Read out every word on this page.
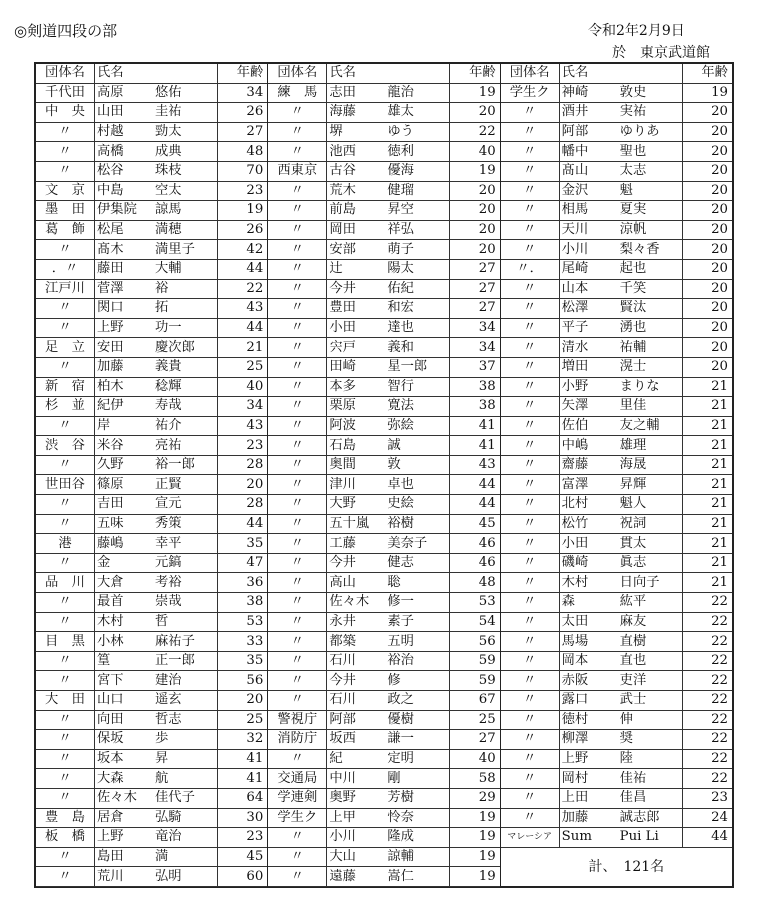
◎剣道四段の部	令和2年2月9日
於　東京武道館
団体名	氏名		年齢
千代田	高原	悠佑	34
中　央	山田	圭祐	26
〃	村越	勁太	27
〃	高橋	成典	48
〃	松谷	珠枝	70
文　京	中島	空太	23
墨　田	伊集院	諒馬	19
葛　飾	松尾	満穂	26
〃	髙木	満里子	42
．〃	藤田	大輔	44
江戸川	菅澤	裕	22
〃	関口	拓	43
〃	上野	功一	44
足　立	安田	慶次郎	21
〃	加藤	義貴	25
新　宿	柏木	稔輝	40
杉　並	紀伊	寿哉	34
〃	岸	祐介	43
渋　谷	米谷	亮祐	23
〃	久野	裕一郎	28
世田谷	篠原	正賢	20
〃	吉田	宣元	28
〃	五味	秀策	44
港	藤嶋	幸平	35
〃	金	元鎬	47
品　川	大倉	考裕	36
〃	最首	崇哉	38
〃	木村	哲	53
目　黒	小林	麻祐子	33
〃	篁	正一郎	35
〃	宮下	建治	56
大　田	山口	遥玄	20
〃	向田	哲志	25
〃	保坂	歩	32
〃	坂本	昇	41
〃	大森	航	41
〃	佐々木	佳代子	64
豊　島	居倉	弘騎	30
板　橋	上野	竜治	23
〃	島田	満	45
〃	荒川	弘明	60
団体名	氏名		年齢
練　馬	志田	龍治	19
〃	海藤	雄太	20
〃	堺	ゆう	22
〃	池西	徳利	40
西東京	古谷	優海	19
〃	荒木	健瑠	20
〃	前島	昇空	20
〃	岡田	祥弘	20
〃	安部	萌子	20
〃	辻	陽太	27
〃	今井	佑紀	27
〃	豊田	和宏	27
〃	小田	達也	34
〃	宍戸	義和	34
〃	田崎	星一郎	37
〃	本多	智行	38
〃	栗原	寛法	38
〃	阿波	弥絵	41
〃	石島	誠	41
〃	奥間	敦	43
〃	津川	卓也	44
〃	大野	史絵	44
〃	五十嵐	裕樹	45
〃	工藤	美奈子	46
〃	今井	健志	46
〃	高山	聡	48
〃	佐々木	修一	53
〃	永井	素子	54
〃	都築	五明	56
〃	石川	裕治	59
〃	今井	修	59
〃	石川	政之	67
警視庁	阿部	優樹	25
消防庁	坂西	謙一	27
〃	紀	定明	40
交通局	中川	剛	58
学連剣	奥野	芳樹	29
学生ク	上甲	怜奈	19
〃	小川	隆成	19
〃	大山	諒輔	19
〃	遠藤	嵩仁	19
団体名	氏名		年齢
学生ク	神崎	敦史	19
〃	酒井	実祐	20
〃	阿部	ゆりあ	20
〃	幡中	聖也	20
〃	髙山	太志	20
〃	金沢	魁	20
〃	相馬	夏実	20
〃	天川	涼帆	20
〃	小川	梨々香	20
〃．	尾崎	起也	20
〃	山本	千笑	20
〃	松澤	賢汰	20
〃	平子	湧也	20
〃	清水	祐輔	20
〃	増田	滉士	20
〃	小野	まりな	21
〃	矢澤	里佳	21
〃	佐伯	友之輔	21
〃	中嶋	雄理	21
〃	齋藤	海晟	21
〃	富澤	昇輝	21
〃	北村	魁人	21
〃	松竹	祝詞	21
〃	小田	貫太	21
〃	磯崎	眞志	21
〃	木村	日向子	21
〃	森	紘平	22
〃	太田	麻友	22
〃	馬場	直樹	22
〃	岡本	直也	22
〃	赤阪	吏洋	22
〃	露口	武士	22
〃	徳村	伸	22
〃	柳澤	奨	22
〃	上野	陸	22
〃	岡村	佳祐	22
〃	上田	佳昌	23
〃	加藤	誠志郎	24
マレーシア	Sum	Pui Li	44
計、　121名
